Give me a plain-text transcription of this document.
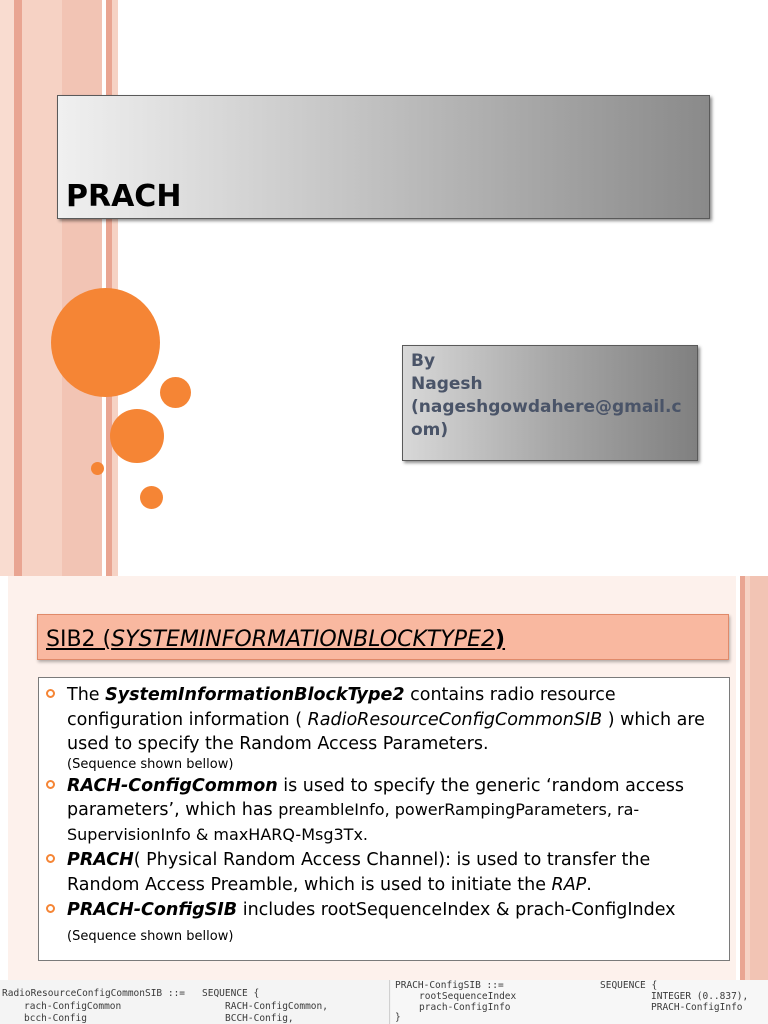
PRACH
By
Nagesh
(nageshgowdahere@gmail.com)
SIB2 (SYSTEMINFORMATIONBLOCKTYPE2)
The SystemInformationBlockType2 contains radio resource configuration information ( RadioResourceConfigCommonSIB ) which are used to specify the Random Access Parameters.
(Sequence shown bellow)
RACH-ConfigCommon is used to specify the generic ‘random access parameters’, which has preambleInfo, powerRampingParameters, ra-SupervisionInfo & maxHARQ-Msg3Tx.
PRACH( Physical Random Access Channel): is used to transfer the Random Access Preamble, which is used to initiate the RAP.
PRACH-ConfigSIB includes rootSequenceIndex & prach-ConfigIndex (Sequence shown bellow)
RadioResourceConfigCommonSIB ::= SEQUENCE {
rach-ConfigCommon	RACH-ConfigCommon,
bcch-Config	BCCH-Config,
PRACH-ConfigSIB ::=	SEQUENCE {
rootSequenceIndex	INTEGER (0..837),
prach-ConfigInfo	PRACH-ConfigInfo
}
